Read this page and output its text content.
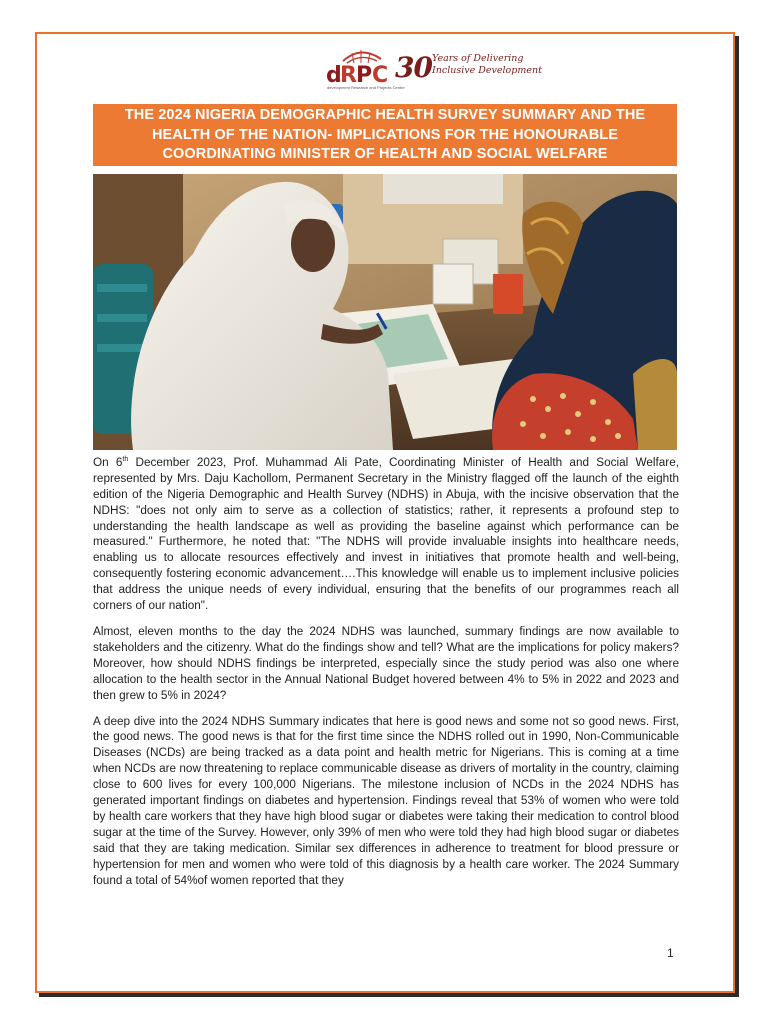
d
R P C 30 Years of Delivering
Inclusive Development
development Research and Projects Centre
THE 2024 NIGERIA DEMOGRAPHIC HEALTH SURVEY SUMMARY AND THE
HEALTH OF THE NATION- IMPLICATIONS FOR THE HONOURABLE
COORDINATING MINISTER OF HEALTH AND SOCIAL WELFARE

On 6th December 2023, Prof. Muhammad Ali Pate, Coordinating Minister of Health and Social Welfare, represented by Mrs. Daju Kachollom, Permanent Secretary in the Ministry flagged off the launch of the eighth edition of the Nigeria Demographic and Health Survey (NDHS) in Abuja, with the incisive observation that the NDHS: "does not only aim to serve as a collection of statistics; rather, it represents a profound step to understanding the health landscape as well as providing the baseline against which performance can be measured." Furthermore, he noted that: "The NDHS will provide invaluable insights into healthcare needs, enabling us to allocate resources effectively and invest in initiatives that promote health and well-being, consequently fostering economic advancement….This knowledge will enable us to implement inclusive policies that address the unique needs of every individual, ensuring that the benefits of our programmes reach all corners of our nation".

Almost, eleven months to the day the 2024 NDHS was launched, summary findings are now available to stakeholders and the citizenry. What do the findings show and tell? What are the implications for policy makers? Moreover, how should NDHS findings be interpreted, especially since the study period was also one where allocation to the health sector in the Annual National Budget hovered between 4% to 5% in 2022 and 2023 and then grew to 5% in 2024?

A deep dive into the 2024 NDHS Summary indicates that here is good news and some not so good news. First, the good news. The good news is that for the first time since the NDHS rolled out in 1990, Non-Communicable Diseases (NCDs) are being tracked as a data point and health metric for Nigerians. This is coming at a time when NCDs are now threatening to replace communicable disease as drivers of mortality in the country, claiming close to 600 lives for every 100,000 Nigerians. The milestone inclusion of NCDs in the 2024 NDHS has generated important findings on diabetes and hypertension. Findings reveal that 53% of women who were told by health care workers that they have high blood sugar or diabetes were taking their medication to control blood sugar at the time of the Survey. However, only 39% of men who were told they had high blood sugar or diabetes said that they are taking medication. Similar sex differences in adherence to treatment for blood pressure or hypertension for men and women who were told of this diagnosis by a health care worker. The 2024 Summary found a total of 54%of women reported that they

1
